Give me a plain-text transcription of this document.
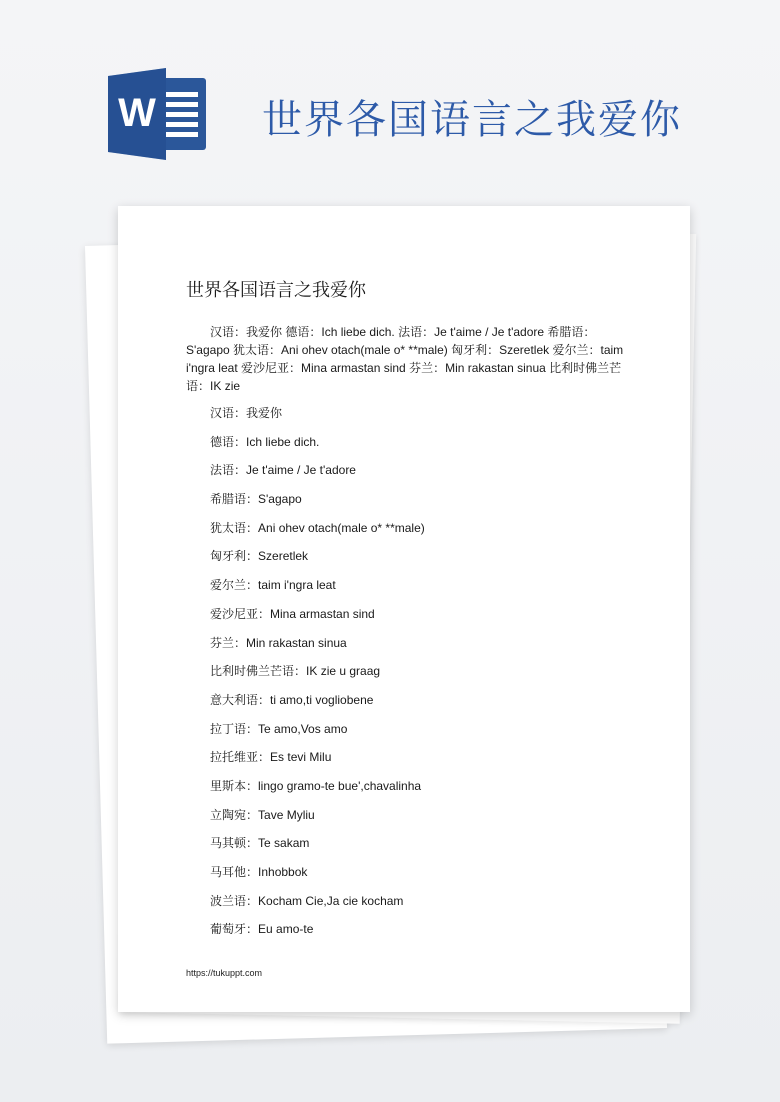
W	世界各国语言之我爱你
世界各国语言之我爱你
汉语：我爱你 德语：Ich liebe dich. 法语：Je t'aime / Je t'adore 希腊语：S'agapo 犹太语：Ani ohev otach(male o* **male) 匈牙利：Szeretlek 爱尔兰：taim i'ngra leat 爱沙尼亚：Mina armastan sind 芬兰：Min rakastan sinua 比利时佛兰芒语：IK zie
汉语：我爱你
德语：Ich liebe dich.
法语：Je t'aime / Je t'adore
希腊语：S'agapo
犹太语：Ani ohev otach(male o* **male)
匈牙利：Szeretlek
爱尔兰：taim i'ngra leat
爱沙尼亚：Mina armastan sind
芬兰：Min rakastan sinua
比利时佛兰芒语：IK zie u graag
意大利语：ti amo,ti vogliobene
拉丁语：Te amo,Vos amo
拉托维亚：Es tevi Milu
里斯本：lingo gramo-te bue',chavalinha
立陶宛：Tave Myliu
马其顿：Te sakam
马耳他：Inhobbok
波兰语：Kocham Cie,Ja cie kocham
葡萄牙：Eu amo-te
https://tukuppt.com
